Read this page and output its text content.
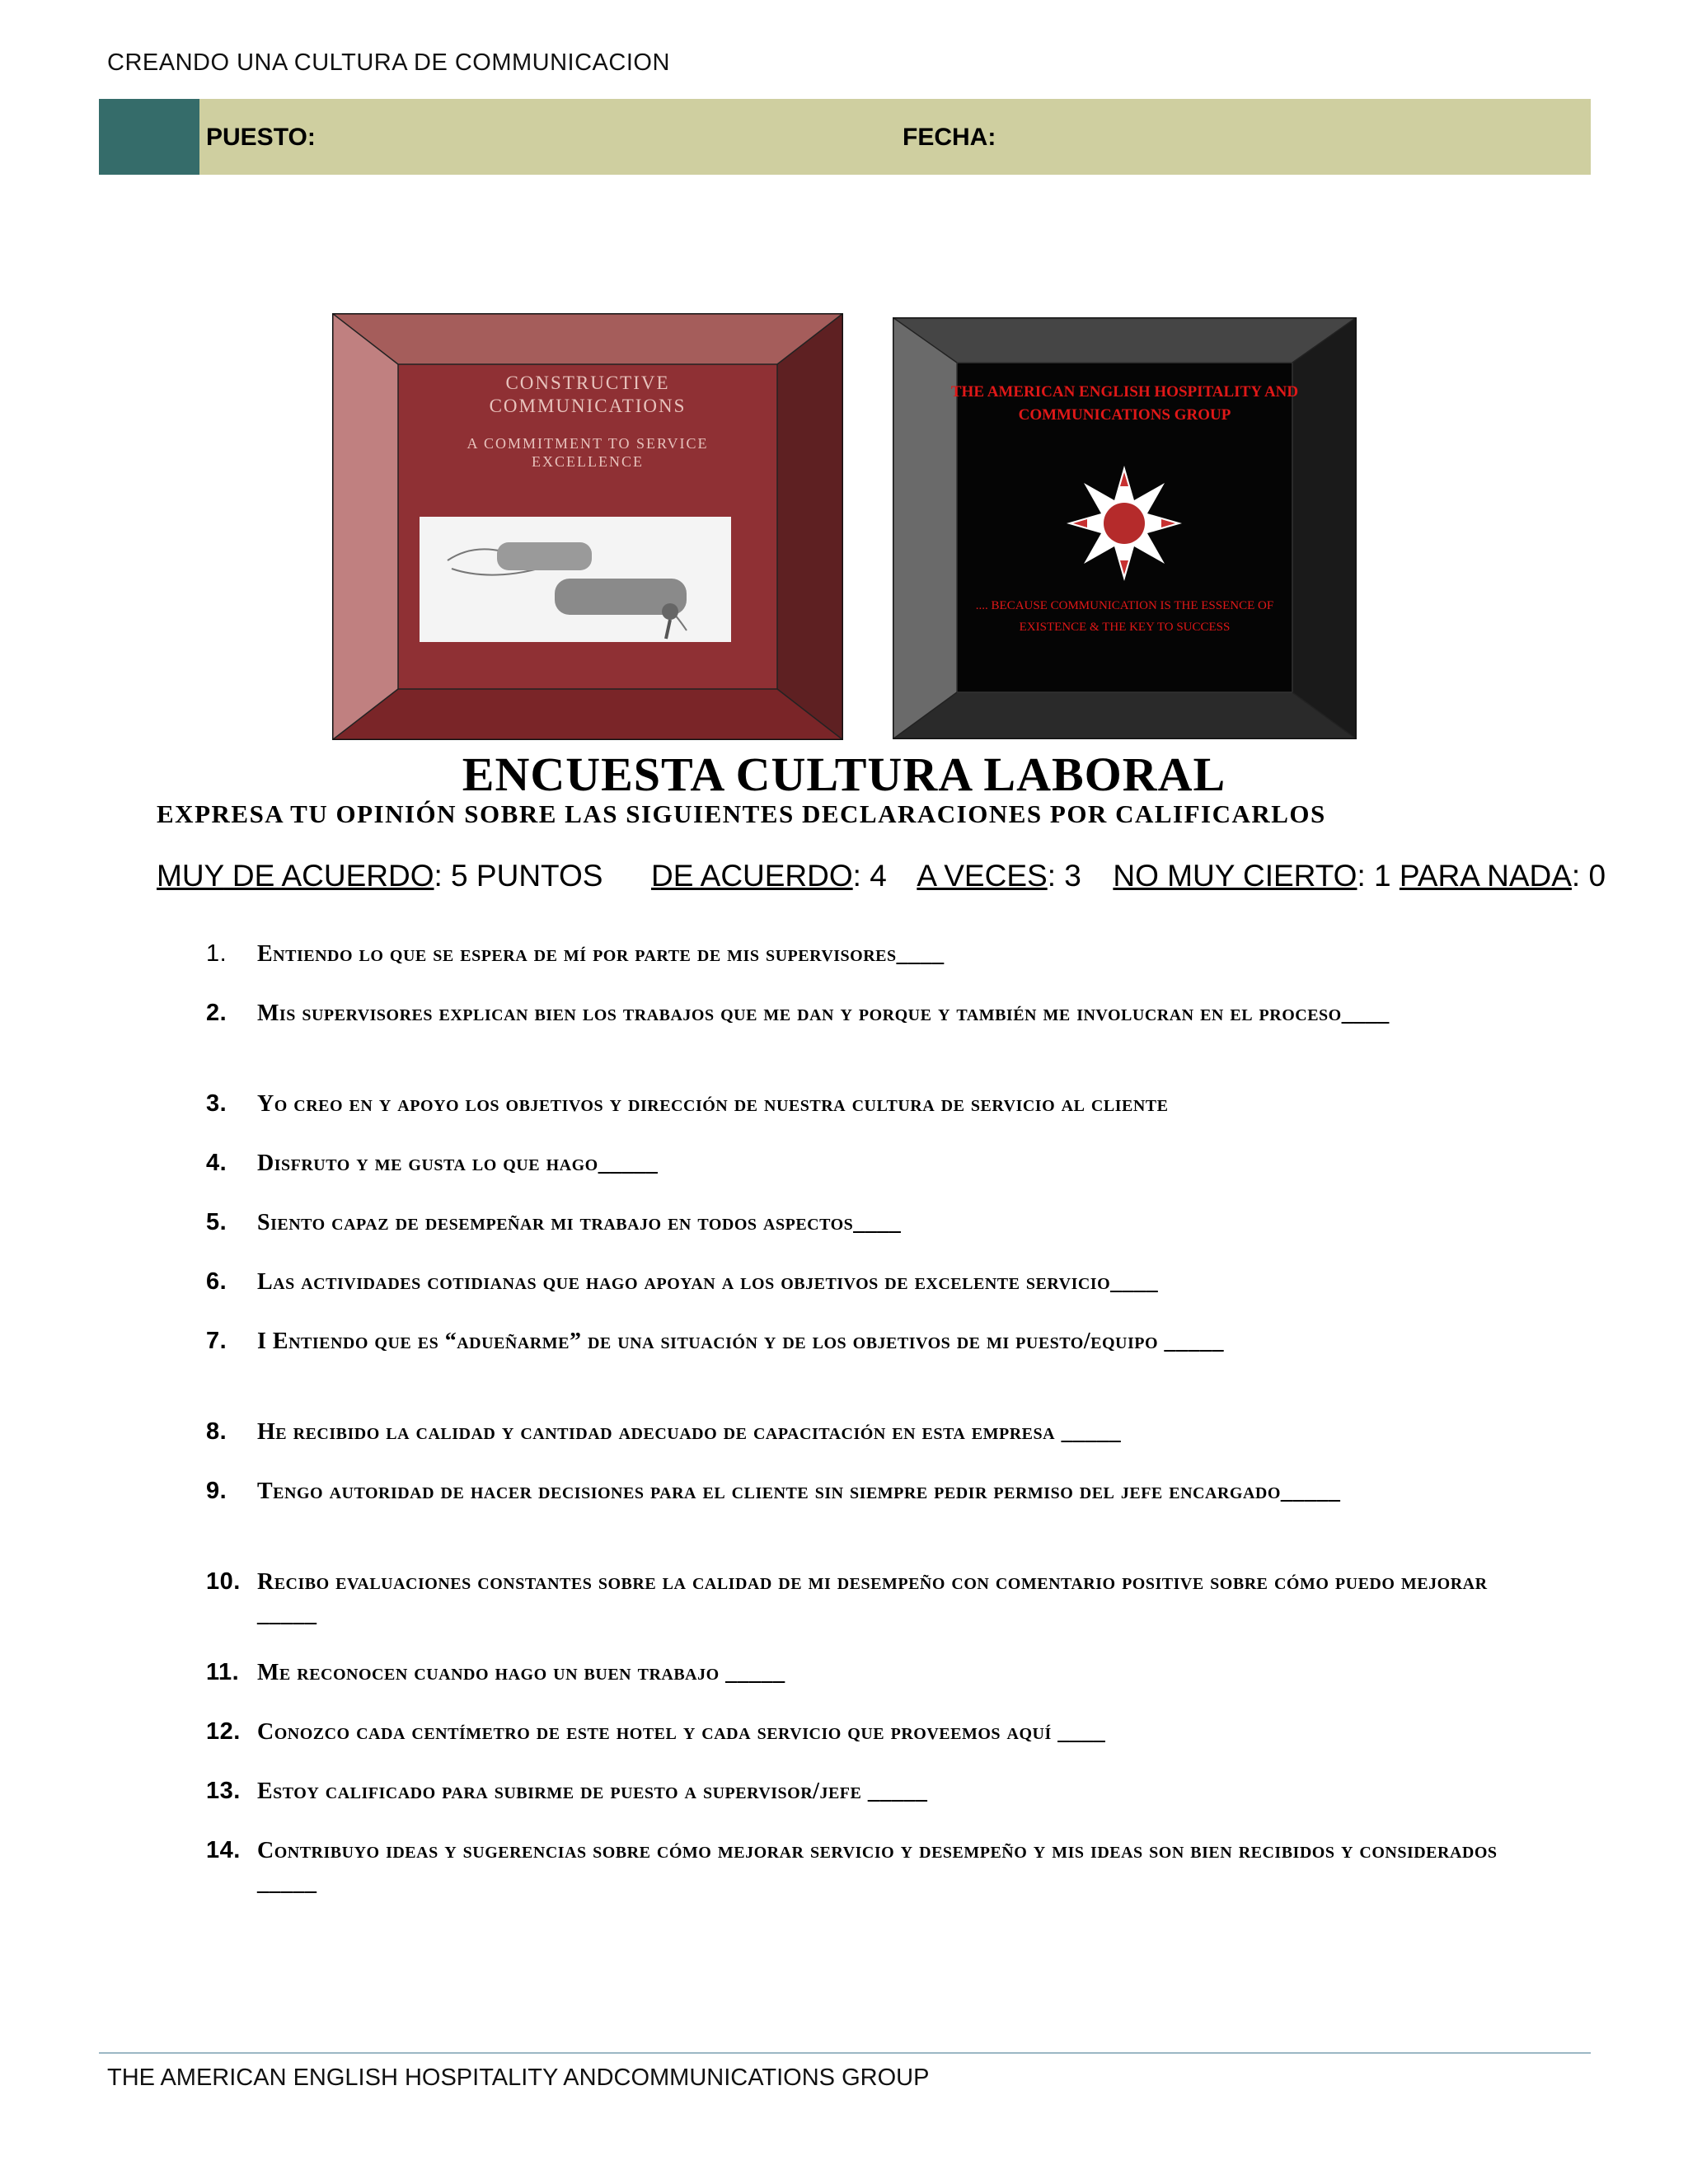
CREANDO UNA CULTURA DE COMMUNICACION
PUESTO:	FECHA:
CONSTRUCTIVE
COMMUNICATIONS
A COMMITMENT TO SERVICE
EXCELLENCE
THE AMERICAN ENGLISH HOSPITALITY AND
COMMUNICATIONS GROUP
.... BECAUSE COMMUNICATION IS THE ESSENCE OF
EXISTENCE & THE KEY TO SUCCESS
ENCUESTA CULTURA LABORAL
EXPRESA TU OPINIÓN SOBRE LAS SIGUIENTES DECLARACIONES POR CALIFICARLOS
MUY DE ACUERDO: 5 PUNTOS DE ACUERDO: 4 A VECES: 3 NO MUY CIERTO: 1 PARA NADA: 0
1. Entiendo lo que se espera de mí por parte de mis supervisores____
2. Mis supervisores explican bien los trabajos que me dan y porque y también me involucran en el proceso____
3. Yo creo en y apoyo los objetivos y dirección de nuestra cultura de servicio al cliente
4. Disfruto y me gusta lo que hago_____
5. Siento capaz de desempeñar mi trabajo en todos aspectos____
6. Las actividades cotidianas que hago apoyan a los objetivos de excelente servicio____
7. I Entiendo que es “adueñarme” de una situación y de los objetivos de mi puesto/equipo _____
8. He recibido la calidad y cantidad adecuado de capacitación en esta empresa _____
9. Tengo autoridad de hacer decisiones para el cliente sin siempre pedir permiso del jefe encargado_____
10. Recibo evaluaciones constantes sobre la calidad de mi desempeño con comentario positive sobre cómo puedo mejorar _____
11. Me reconocen cuando hago un buen trabajo _____
12. Conozco cada centímetro de este hotel y cada servicio que proveemos aquí ____
13. Estoy calificado para subirme de puesto a supervisor/jefe _____
14. Contribuyo ideas y sugerencias sobre cómo mejorar servicio y desempeño y mis ideas son bien recibidos y considerados _____
THE AMERICAN ENGLISH HOSPITALITY ANDCOMMUNICATIONS GROUP
